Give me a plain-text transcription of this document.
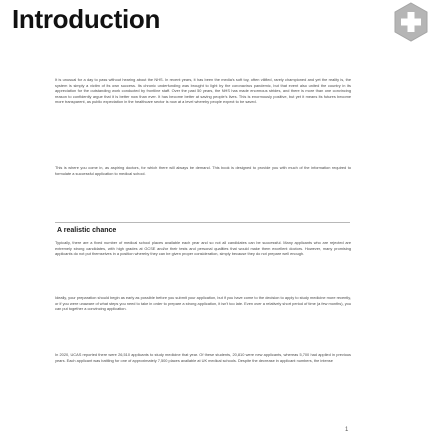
Introduction

It is unusual for a day to pass without hearing about the NHS. In recent years, it has been the media's soft toy, often vilified, rarely championed and yet the reality is, the system is simply a victim of its own success. Its chronic underfunding was brought to light by the coronavirus pandemic, but that event also united the country in its appreciation for the outstanding work conducted by frontline staff. Over the past 50 years, the NHS has made enormous strides, and there is more than one convincing reason to confidently argue that it is better now than ever. It has become better at saving people's lives. This is enormously positive, but yet it means its futures become more transparent, as public expectation in the healthcare sector is now at a level whereby people expect to be saved.

This is where you come in, as aspiring doctors, for which there will always be demand. This book is designed to provide you with much of the information required to formulate a successful application to medical school.

A realistic chance

Typically, there are a fixed number of medical school places available each year and so not all candidates can be successful. Many applicants who are rejected are extremely strong candidates, with high grades at GCSE and/or their tests and personal qualities that would make them excellent doctors. However, many promising applicants do not put themselves in a position whereby they can be given proper consideration, simply because they do not prepare well enough.

Ideally, your preparation should begin as early as possible before you submit your application, but if you have come to the decision to apply to study medicine more recently, or if you were unaware of what steps you need to take in order to prepare a strong application, it isn't too late. Even over a relatively short period of time (a few months), you can put together a convincing application.

In 2020, UCAS reported there were 26,510 applicants to study medicine that year. Of these students, 20,810 were new applicants, whereas 5,700 had applied in previous years. Each applicant was battling for one of approximately 7,500 places available at UK medical schools. Despite the decrease in applicant numbers, the intense

1
